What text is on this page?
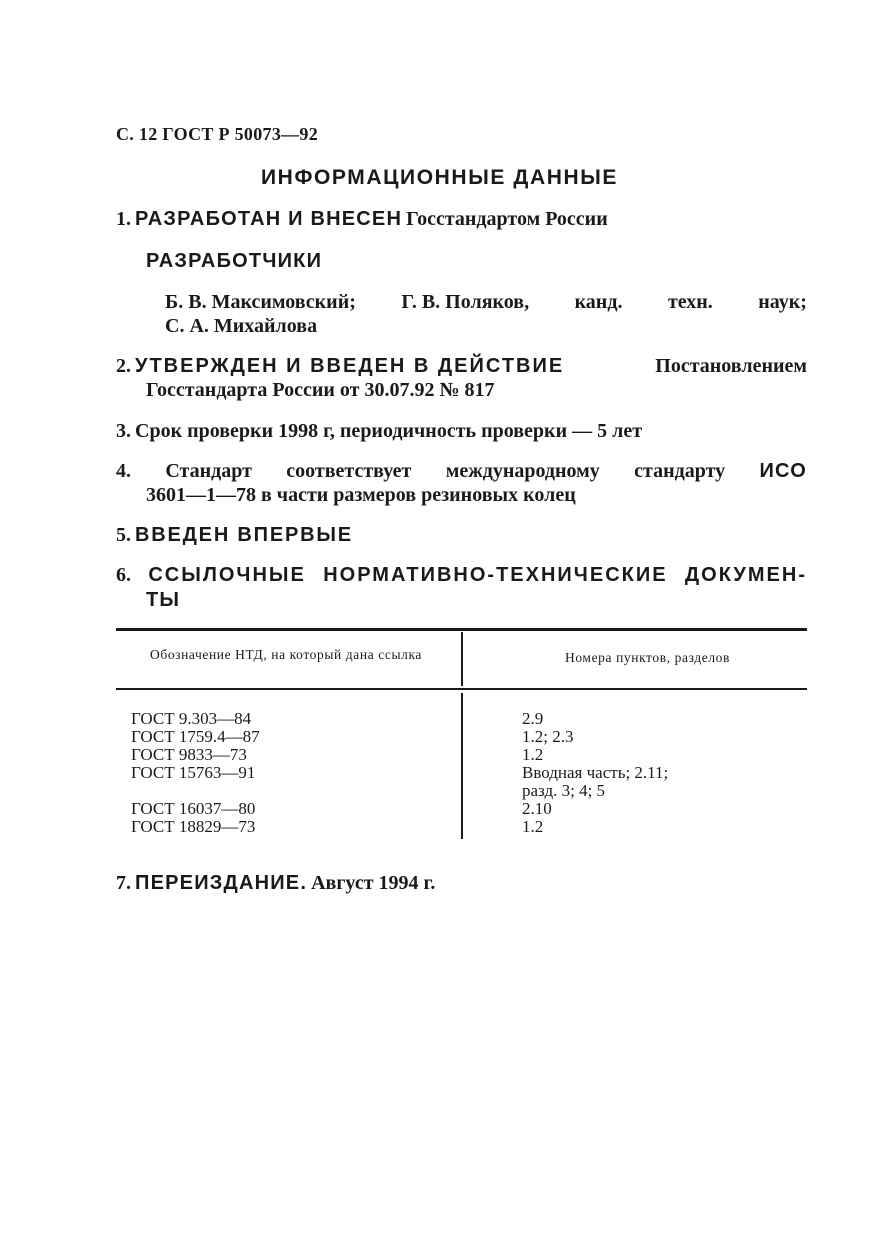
С. 12 ГОСТ Р 50073—92
ИНФОРМАЦИОННЫЕ ДАННЫЕ
1. РАЗРАБОТАН И ВНЕСЕН Госстандартом России
РАЗРАБОТЧИКИ
Б. В. Максимовский; Г. В. Поляков, канд. техн. наук;
С. А. Михайлова
2. УТВЕРЖДЕН И ВВЕДЕН В ДЕЙСТВИЕ	Постановлением
Госстандарта России от 30.07.92 № 817
3. Срок проверки 1998 г, периодичность проверки — 5 лет
4. Стандарт соответствует международному стандарту ИСО
3601—1—78 в части размеров резиновых колец
5. ВВЕДЕН ВПЕРВЫЕ
6. ССЫЛОЧНЫЕ НОРМАТИВНО-ТЕХНИЧЕСКИЕ ДОКУМЕН-
ТЫ
Обозначение НТД, на который дана ссылка	Номера пунктов, разделов
ГОСТ 9.303—84
ГОСТ 1759.4—87
ГОСТ 9833—73
ГОСТ 15763—91
ГОСТ 16037—80
ГОСТ 18829—73
2.9
1.2; 2.3
1.2
Вводная часть; 2.11;
разд. 3; 4; 5
2.10
1.2
7. ПЕРЕИЗДАНИЕ. Август 1994 г.
